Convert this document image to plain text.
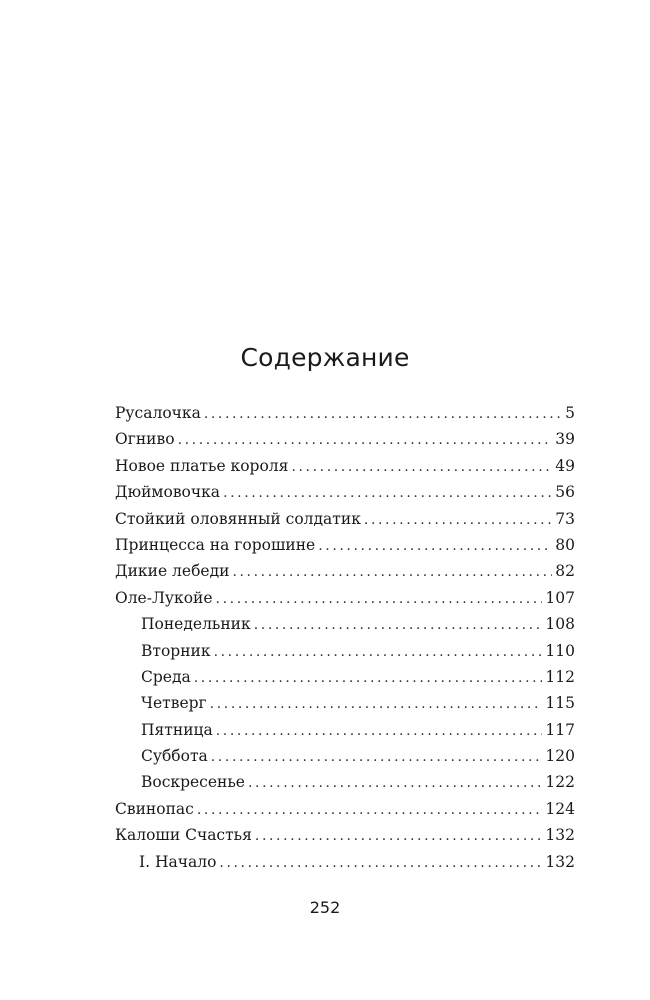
Содержание
Русалочка .....	5
Огниво .....	39
Новое платье короля .....	49
Дюймовочка .....	56
Стойкий оловянный солдатик .....	73
Принцесса на горошине .....	80
Дикие лебеди .....	82
Оле-Лукойе .....	107
Понедельник .....	108
Вторник .....	110
Среда .....	112
Четверг .....	115
Пятница .....	117
Суббота .....	120
Воскресенье .....	122
Свинопас .....	124
Калоши Счастья .....	132
I. Начало .....	132
252
